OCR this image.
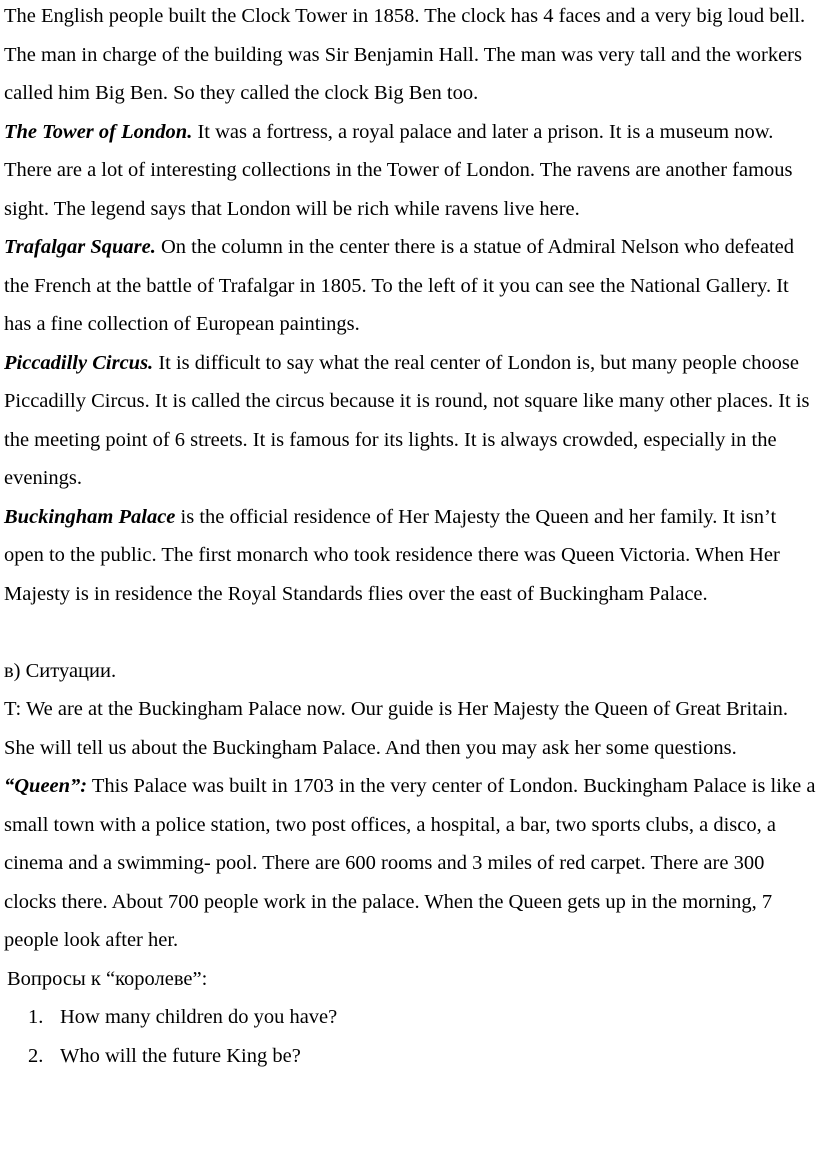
The English people built the Clock Tower in 1858. The clock has 4 faces and a very big loud bell. The man in charge of the building was Sir Benjamin Hall. The man was very tall and the workers called him Big Ben. So they called the clock Big Ben too.

The Tower of London. It was a fortress, a royal palace and later a prison. It is a museum now. There are a lot of interesting collections in the Tower of London. The ravens are another famous sight. The legend says that London will be rich while ravens live here.

Trafalgar Square. On the column in the center there is a statue of Admiral Nelson who defeated the French at the battle of Trafalgar in 1805. To the left of it you can see the National Gallery. It has a fine collection of European paintings.

Piccadilly Circus. It is difficult to say what the real center of London is, but many people choose Piccadilly Circus. It is called the circus because it is round, not square like many other places. It is the meeting point of 6 streets. It is famous for its lights. It is always crowded, especially in the evenings.

Buckingham Palace is the official residence of Her Majesty the Queen and her family. It isn’t open to the public. The first monarch who took residence there was Queen Victoria. When Her Majesty is in residence the Royal Standards flies over the east of Buckingham Palace.

в) Ситуации.

T: We are at the Buckingham Palace now. Our guide is Her Majesty the Queen of Great Britain. She will tell us about the Buckingham Palace. And then you may ask her some questions.

“Queen”: This Palace was built in 1703 in the very center of London. Buckingham Palace is like a small town with a police station, two post offices, a hospital, a bar, two sports clubs, a disco, a cinema and a swimming- pool. There are 600 rooms and 3 miles of red carpet. There are 300 clocks there. About 700 people work in the palace. When the Queen gets up in the morning, 7 people look after her.

Вопросы к “королеве”:

1. How many children do you have?
2. Who will the future King be?
